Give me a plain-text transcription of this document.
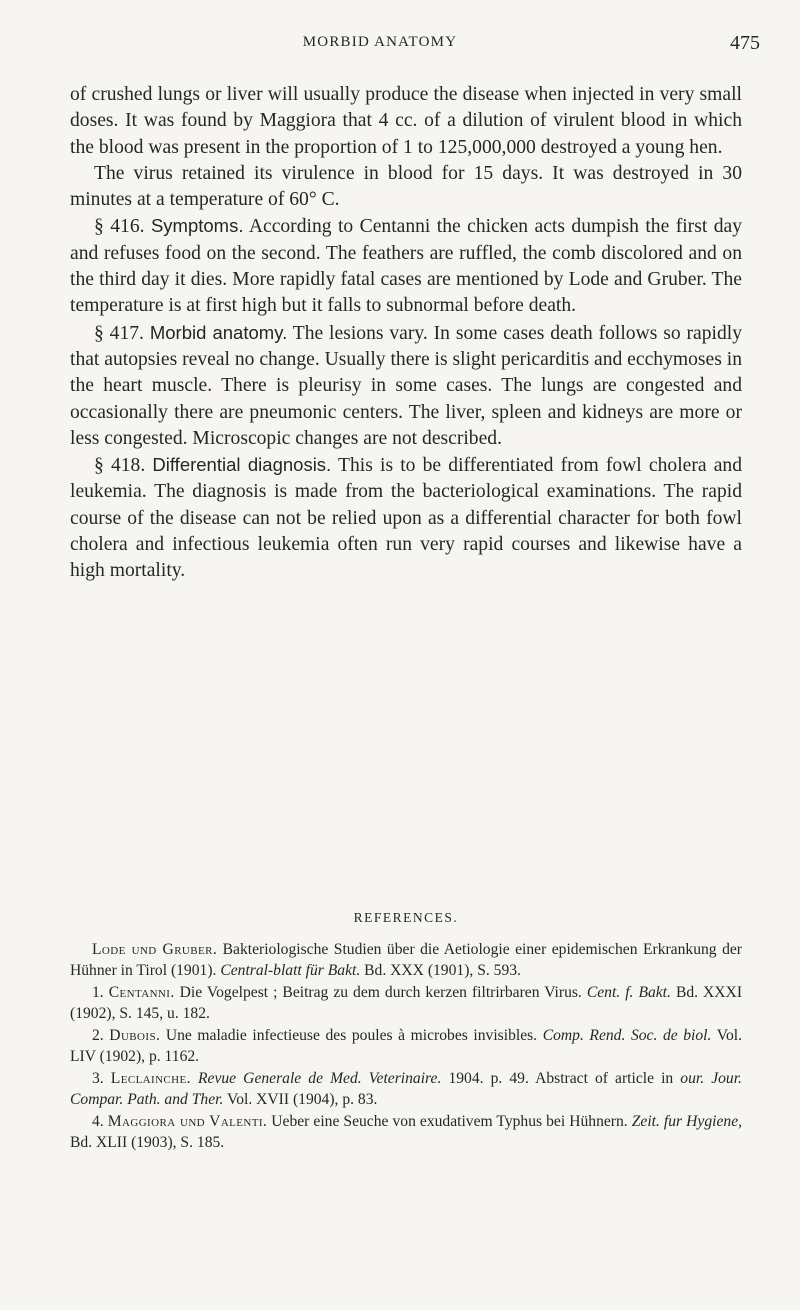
MORBID ANATOMY	475

of crushed lungs or liver will usually produce the disease when injected in very small doses. It was found by Maggiora that 4 cc. of a dilution of virulent blood in which the blood was present in the proportion of 1 to 125,000,000 destroyed a young hen.

The virus retained its virulence in blood for 15 days. It was destroyed in 30 minutes at a temperature of 60° C.

§ 416. Symptoms. According to Centanni the chicken acts dumpish the first day and refuses food on the second. The feathers are ruffled, the comb discolored and on the third day it dies. More rapidly fatal cases are mentioned by Lode and Gruber. The temperature is at first high but it falls to subnormal before death.

§ 417. Morbid anatomy. The lesions vary. In some cases death follows so rapidly that autopsies reveal no change. Usually there is slight pericarditis and ecchymoses in the heart muscle. There is pleurisy in some cases. The lungs are congested and occasionally there are pneumonic centers. The liver, spleen and kidneys are more or less congested. Microscopic changes are not described.

§ 418. Differential diagnosis. This is to be differentiated from fowl cholera and leukemia. The diagnosis is made from the bacteriological examinations. The rapid course of the disease can not be relied upon as a differential character for both fowl cholera and infectious leukemia often run very rapid courses and likewise have a high mortality.

REFERENCES.

Lode und Gruber. Bakteriologische Studien über die Aetiologie einer epidemischen Erkrankung der Hühner in Tirol (1901). Central-blatt für Bakt. Bd. XXX (1901), S. 593.

1. Centanni. Die Vogelpest ; Beitrag zu dem durch kerzen filtrirbaren Virus. Cent. f. Bakt. Bd. XXXI (1902), S. 145, u. 182.

2. Dubois. Une maladie infectieuse des poules à microbes invisibles. Comp. Rend. Soc. de biol. Vol. LIV (1902), p. 1162.

3. Leclainche. Revue Generale de Med. Veterinaire. 1904. p. 49. Abstract of article in our. Jour. Compar. Path. and Ther. Vol. XVII (1904), p. 83.

4. Maggiora und Valenti. Ueber eine Seuche von exudativem Typhus bei Hühnern. Zeit. fur Hygiene, Bd. XLII (1903), S. 185.
